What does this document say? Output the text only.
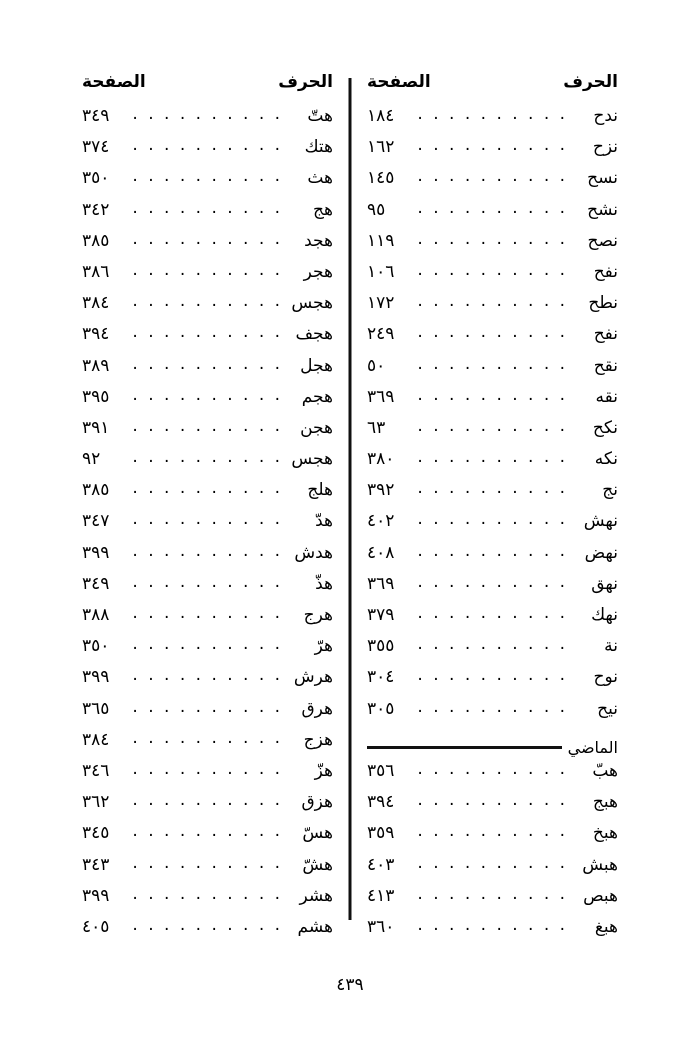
الحرف
الصفحة
ندح
. . . . . . . . . .
١٨٤
نزح
. . . . . . . . . .
١٦٢
نسح
. . . . . . . . . .
١٤٥
نشح
. . . . . . . . . .
٩٥
نصح
. . . . . . . . . .
١١٩
نفح
. . . . . . . . . .
١٠٦
نطح
. . . . . . . . . .
١٧٢
نفح
. . . . . . . . . .
٢٤٩
نقح
. . . . . . . . . .
٥٠
نقه
. . . . . . . . . .
٣٦٩
نكح
. . . . . . . . . .
٦٣
نكه
. . . . . . . . . .
٣٨٠
نج
. . . . . . . . . .
٣٩٢
نهش
. . . . . . . . . .
٤٠٢
نهض
. . . . . . . . . .
٤٠٨
نهق
. . . . . . . . . .
٣٦٩
نهك
. . . . . . . . . .
٣٧٩
نة
. . . . . . . . . .
٣٥٥
نوح
. . . . . . . . . .
٣٠٤
نيح
. . . . . . . . . .
٣٠٥
الماضي
هبّ
. . . . . . . . . .
٣٥٦
هبج
. . . . . . . . . .
٣٩٤
هبخ
. . . . . . . . . .
٣٥٩
هبش
. . . . . . . . . .
٤٠٣
هبص
. . . . . . . . . .
٤١٣
هبغ
. . . . . . . . . .
٣٦٠
الحرف
الصفحة
هتّ
. . . . . . . . . .
٣٤٩
هتك
. . . . . . . . . .
٣٧٤
هث
. . . . . . . . . .
٣٥٠
هج
. . . . . . . . . .
٣٤٢
هجد
. . . . . . . . . .
٣٨٥
هجر
. . . . . . . . . .
٣٨٦
هجس
. . . . . . . . . .
٣٨٤
هجف
. . . . . . . . . .
٣٩٤
هجل
. . . . . . . . . .
٣٨٩
هجم
. . . . . . . . . .
٣٩٥
هجن
. . . . . . . . . .
٣٩١
هجس
. . . . . . . . . .
٩٢
هلج
. . . . . . . . . .
٣٨٥
هدّ
. . . . . . . . . .
٣٤٧
هدش
. . . . . . . . . .
٣٩٩
هذّ
. . . . . . . . . .
٣٤٩
هرج
. . . . . . . . . .
٣٨٨
هرّ
. . . . . . . . . .
٣٥٠
هرش
. . . . . . . . . .
٣٩٩
هرق
. . . . . . . . . .
٣٦٥
هزج
. . . . . . . . . .
٣٨٤
هزّ
. . . . . . . . . .
٣٤٦
هزق
. . . . . . . . . .
٣٦٢
هسّ
. . . . . . . . . .
٣٤٥
هشّ
. . . . . . . . . .
٣٤٣
هشر
. . . . . . . . . .
٣٩٩
هشم
. . . . . . . . . .
٤٠٥
٤٣٩
